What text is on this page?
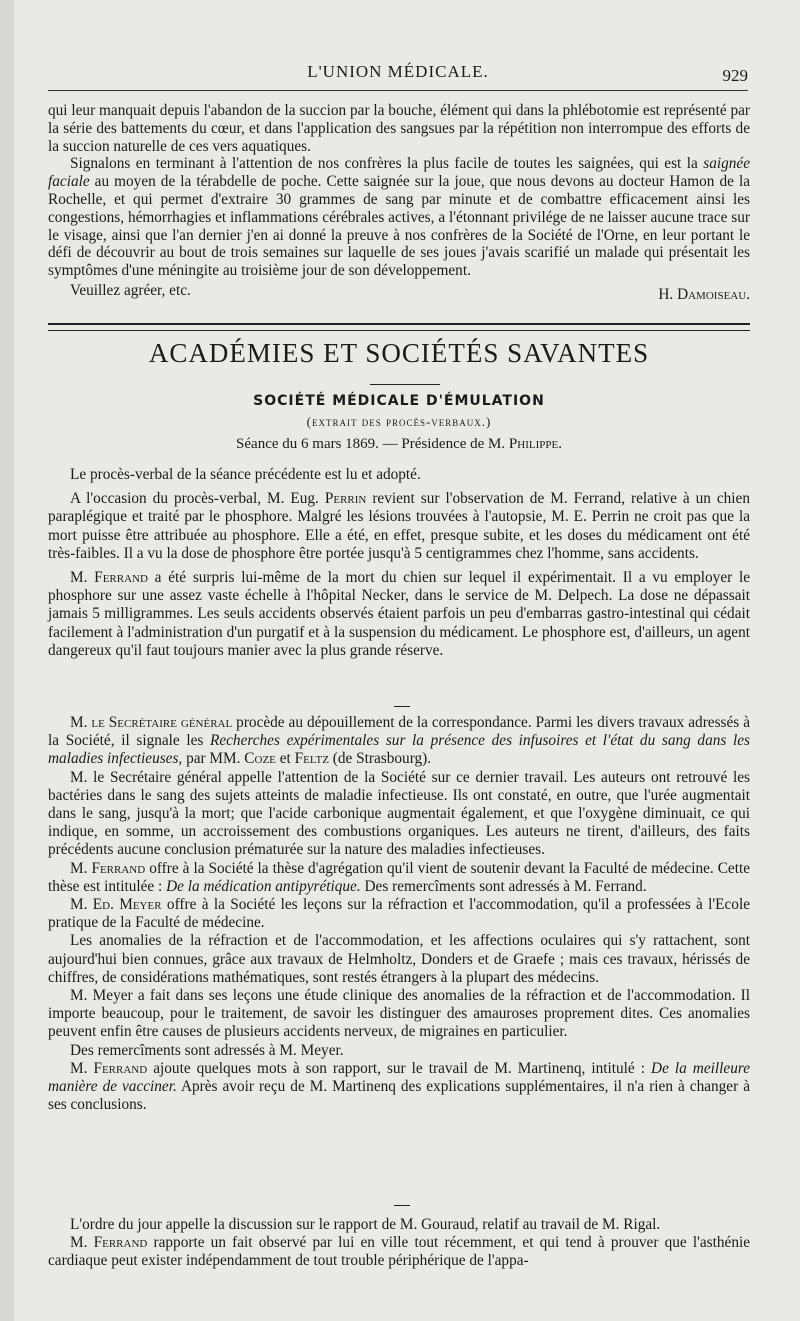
L'UNION MÉDICALE.	929

qui leur manquait depuis l'abandon de la succion par la bouche, élément qui dans la phlébotomie est représenté par la série des battements du cœur, et dans l'application des sangsues par la répétition non interrompue des efforts de la succion naturelle de ces vers aquatiques.

Signalons en terminant à l'attention de nos confrères la plus facile de toutes les saignées, qui est la saignée faciale au moyen de la térabdelle de poche. Cette saignée sur la joue, que nous devons au docteur Hamon de la Rochelle, et qui permet d'extraire 30 grammes de sang par minute et de combattre efficacement ainsi les congestions, hémorrhagies et inflammations cérébrales actives, a l'étonnant privilége de ne laisser aucune trace sur le visage, ainsi que l'an dernier j'en ai donné la preuve à nos confrères de la Société de l'Orne, en leur portant le défi de découvrir au bout de trois semaines sur laquelle de ses joues j'avais scarifié un malade qui présentait les symptômes d'une méningite au troisième jour de son développement.

Veuillez agréer, etc.	H. Damoiseau.
ACADÉMIES ET SOCIÉTÉS SAVANTES
SOCIÉTÉ MÉDICALE D'ÉMULATION
(extrait des procès-verbaux.)
Séance du 6 mars 1869. — Présidence de M. Philippe.

Le procès-verbal de la séance précédente est lu et adopté.

A l'occasion du procès-verbal, M. Eug. Perrin revient sur l'observation de M. Ferrand, relative à un chien paraplégique et traité par le phosphore. Malgré les lésions trouvées à l'autopsie, M. E. Perrin ne croit pas que la mort puisse être attribuée au phosphore. Elle a été, en effet, presque subite, et les doses du médicament ont été très-faibles. Il a vu la dose de phosphore être portée jusqu'à 5 centigrammes chez l'homme, sans accidents.

M. Ferrand a été surpris lui-même de la mort du chien sur lequel il expérimentait. Il a vu employer le phosphore sur une assez vaste échelle à l'hôpital Necker, dans le service de M. Delpech. La dose ne dépassait jamais 5 milligrammes. Les seuls accidents observés étaient parfois un peu d'embarras gastro-intestinal qui cédait facilement à l'administration d'un purgatif et à la suspension du médicament. Le phosphore est, d'ailleurs, un agent dangereux qu'il faut toujours manier avec la plus grande réserve.

M. le Secrétaire général procède au dépouillement de la correspondance. Parmi les divers travaux adressés à la Société, il signale les Recherches expérimentales sur la présence des infusoires et l'état du sang dans les maladies infectieuses, par MM. Coze et Feltz (de Strasbourg).

M. le Secrétaire général appelle l'attention de la Société sur ce dernier travail. Les auteurs ont retrouvé les bactéries dans le sang des sujets atteints de maladie infectieuse. Ils ont constaté, en outre, que l'urée augmentait dans le sang, jusqu'à la mort; que l'acide carbonique augmentait également, et que l'oxygène diminuait, ce qui indique, en somme, un accroissement des combustions organiques. Les auteurs ne tirent, d'ailleurs, des faits précédents aucune conclusion prématurée sur la nature des maladies infectieuses.

M. Ferrand offre à la Société la thèse d'agrégation qu'il vient de soutenir devant la Faculté de médecine. Cette thèse est intitulée : De la médication antipyrétique. Des remercîments sont adressés à M. Ferrand.

M. Ed. Meyer offre à la Société les leçons sur la réfraction et l'accommodation, qu'il a professées à l'Ecole pratique de la Faculté de médecine.

Les anomalies de la réfraction et de l'accommodation, et les affections oculaires qui s'y rattachent, sont aujourd'hui bien connues, grâce aux travaux de Helmholtz, Donders et de Graefe ; mais ces travaux, hérissés de chiffres, de considérations mathématiques, sont restés étrangers à la plupart des médecins.

M. Meyer a fait dans ses leçons une étude clinique des anomalies de la réfraction et de l'accommodation. Il importe beaucoup, pour le traitement, de savoir les distinguer des amauroses proprement dites. Ces anomalies peuvent enfin être causes de plusieurs accidents nerveux, de migraines en particulier.

Des remercîments sont adressés à M. Meyer.

M. Ferrand ajoute quelques mots à son rapport, sur le travail de M. Martinenq, intitulé : De la meilleure manière de vacciner. Après avoir reçu de M. Martinenq des explications supplémentaires, il n'a rien à changer à ses conclusions.

L'ordre du jour appelle la discussion sur le rapport de M. Gouraud, relatif au travail de M. Rigal.

M. Ferrand rapporte un fait observé par lui en ville tout récemment, et qui tend à prouver que l'asthénie cardiaque peut exister indépendamment de tout trouble périphérique de l'appa-
